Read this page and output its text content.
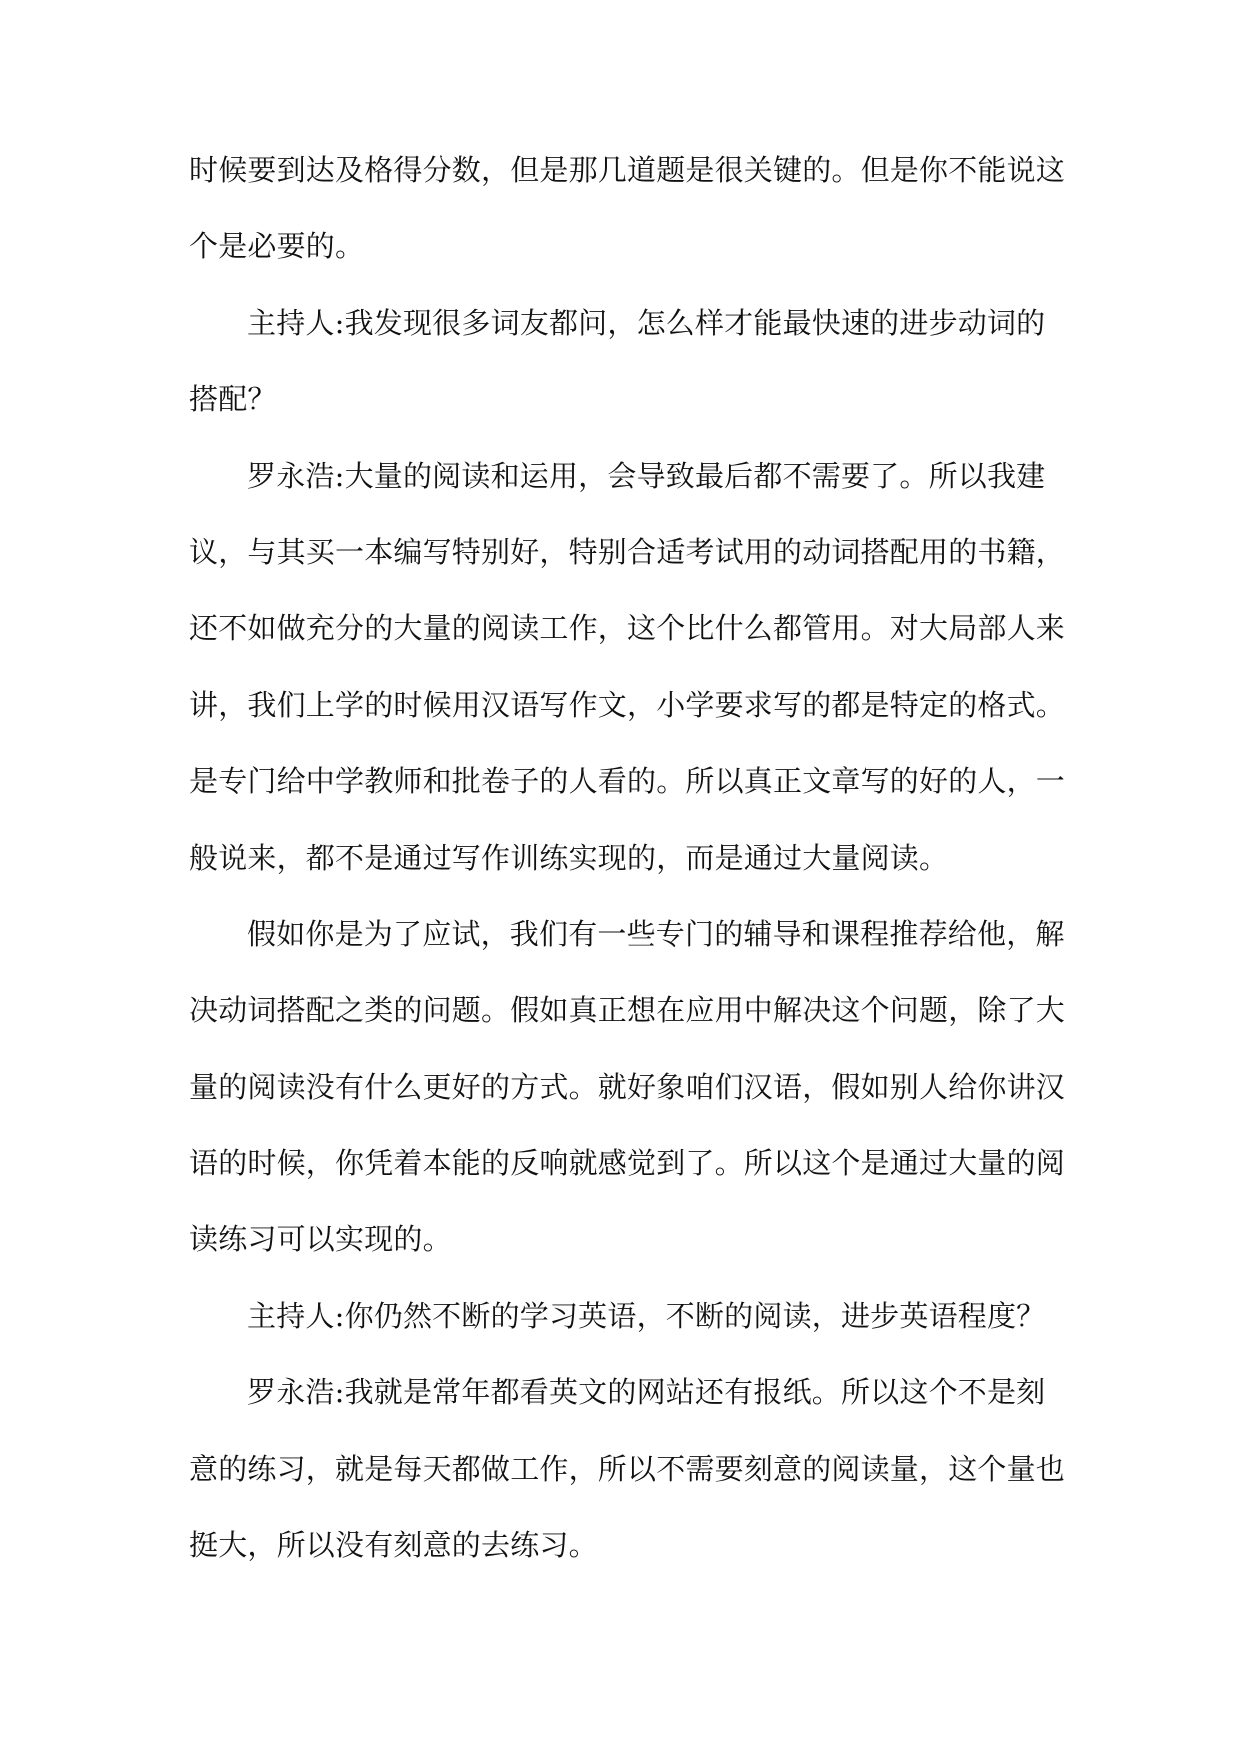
时候要到达及格得分数，但是那几道题是很关键的。但是你不能说这
个是必要的。
主持人:我发现很多词友都问，怎么样才能最快速的进步动词的
搭配？
罗永浩:大量的阅读和运用，会导致最后都不需要了。所以我建
议，与其买一本编写特别好，特别合适考试用的动词搭配用的书籍，
还不如做充分的大量的阅读工作，这个比什么都管用。对大局部人来
讲，我们上学的时候用汉语写作文，小学要求写的都是特定的格式。
是专门给中学教师和批卷子的人看的。所以真正文章写的好的人，一
般说来，都不是通过写作训练实现的，而是通过大量阅读。
假如你是为了应试，我们有一些专门的辅导和课程推荐给他，解
决动词搭配之类的问题。假如真正想在应用中解决这个问题，除了大
量的阅读没有什么更好的方式。就好象咱们汉语，假如别人给你讲汉
语的时候，你凭着本能的反响就感觉到了。所以这个是通过大量的阅
读练习可以实现的。
主持人:你仍然不断的学习英语，不断的阅读，进步英语程度？
罗永浩:我就是常年都看英文的网站还有报纸。所以这个不是刻
意的练习，就是每天都做工作，所以不需要刻意的阅读量，这个量也
挺大，所以没有刻意的去练习。
